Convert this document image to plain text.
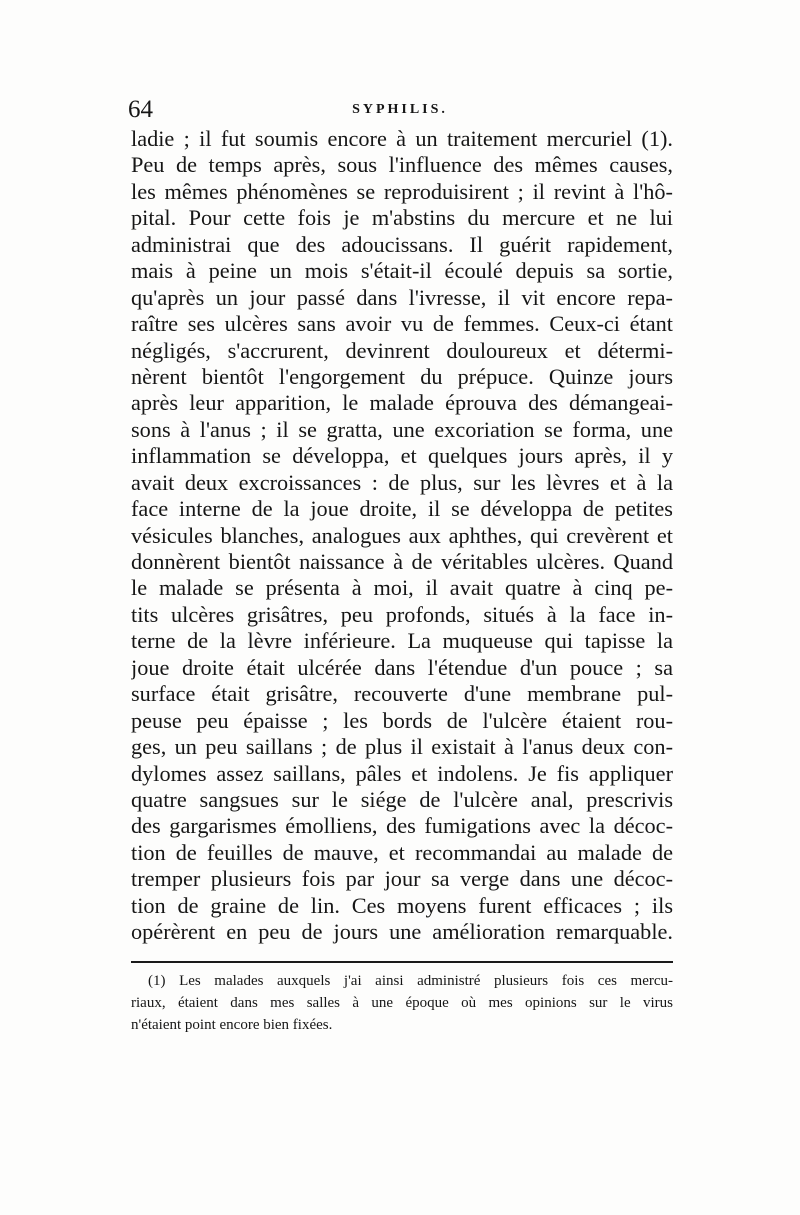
64	SYPHILIS.
ladie ; il fut soumis encore à un traitement mercuriel (1).
Peu de temps après, sous l'influence des mêmes causes,
les mêmes phénomènes se reproduisirent ; il revint à l'hô-
pital. Pour cette fois je m'abstins du mercure et ne lui
administrai que des adoucissans. Il guérit rapidement,
mais à peine un mois s'était-il écoulé depuis sa sortie,
qu'après un jour passé dans l'ivresse, il vit encore repa-
raître ses ulcères sans avoir vu de femmes. Ceux-ci étant
négligés, s'accrurent, devinrent douloureux et détermi-
nèrent bientôt l'engorgement du prépuce. Quinze jours
après leur apparition, le malade éprouva des démangeai-
sons à l'anus ; il se gratta, une excoriation se forma, une
inflammation se développa, et quelques jours après, il y
avait deux excroissances : de plus, sur les lèvres et à la
face interne de la joue droite, il se développa de petites
vésicules blanches, analogues aux aphthes, qui crevèrent et
donnèrent bientôt naissance à de véritables ulcères. Quand
le malade se présenta à moi, il avait quatre à cinq pe-
tits ulcères grisâtres, peu profonds, situés à la face in-
terne de la lèvre inférieure. La muqueuse qui tapisse la
joue droite était ulcérée dans l'étendue d'un pouce ; sa
surface était grisâtre, recouverte d'une membrane pul-
peuse peu épaisse ; les bords de l'ulcère étaient rou-
ges, un peu saillans ; de plus il existait à l'anus deux con-
dylomes assez saillans, pâles et indolens. Je fis appliquer
quatre sangsues sur le siége de l'ulcère anal, prescrivis
des gargarismes émolliens, des fumigations avec la décoc-
tion de feuilles de mauve, et recommandai au malade de
tremper plusieurs fois par jour sa verge dans une décoc-
tion de graine de lin. Ces moyens furent efficaces ; ils
opérèrent en peu de jours une amélioration remarquable.
(1) Les malades auxquels j'ai ainsi administré plusieurs fois ces mercu-
riaux, étaient dans mes salles à une époque où mes opinions sur le virus
n'étaient point encore bien fixées.
